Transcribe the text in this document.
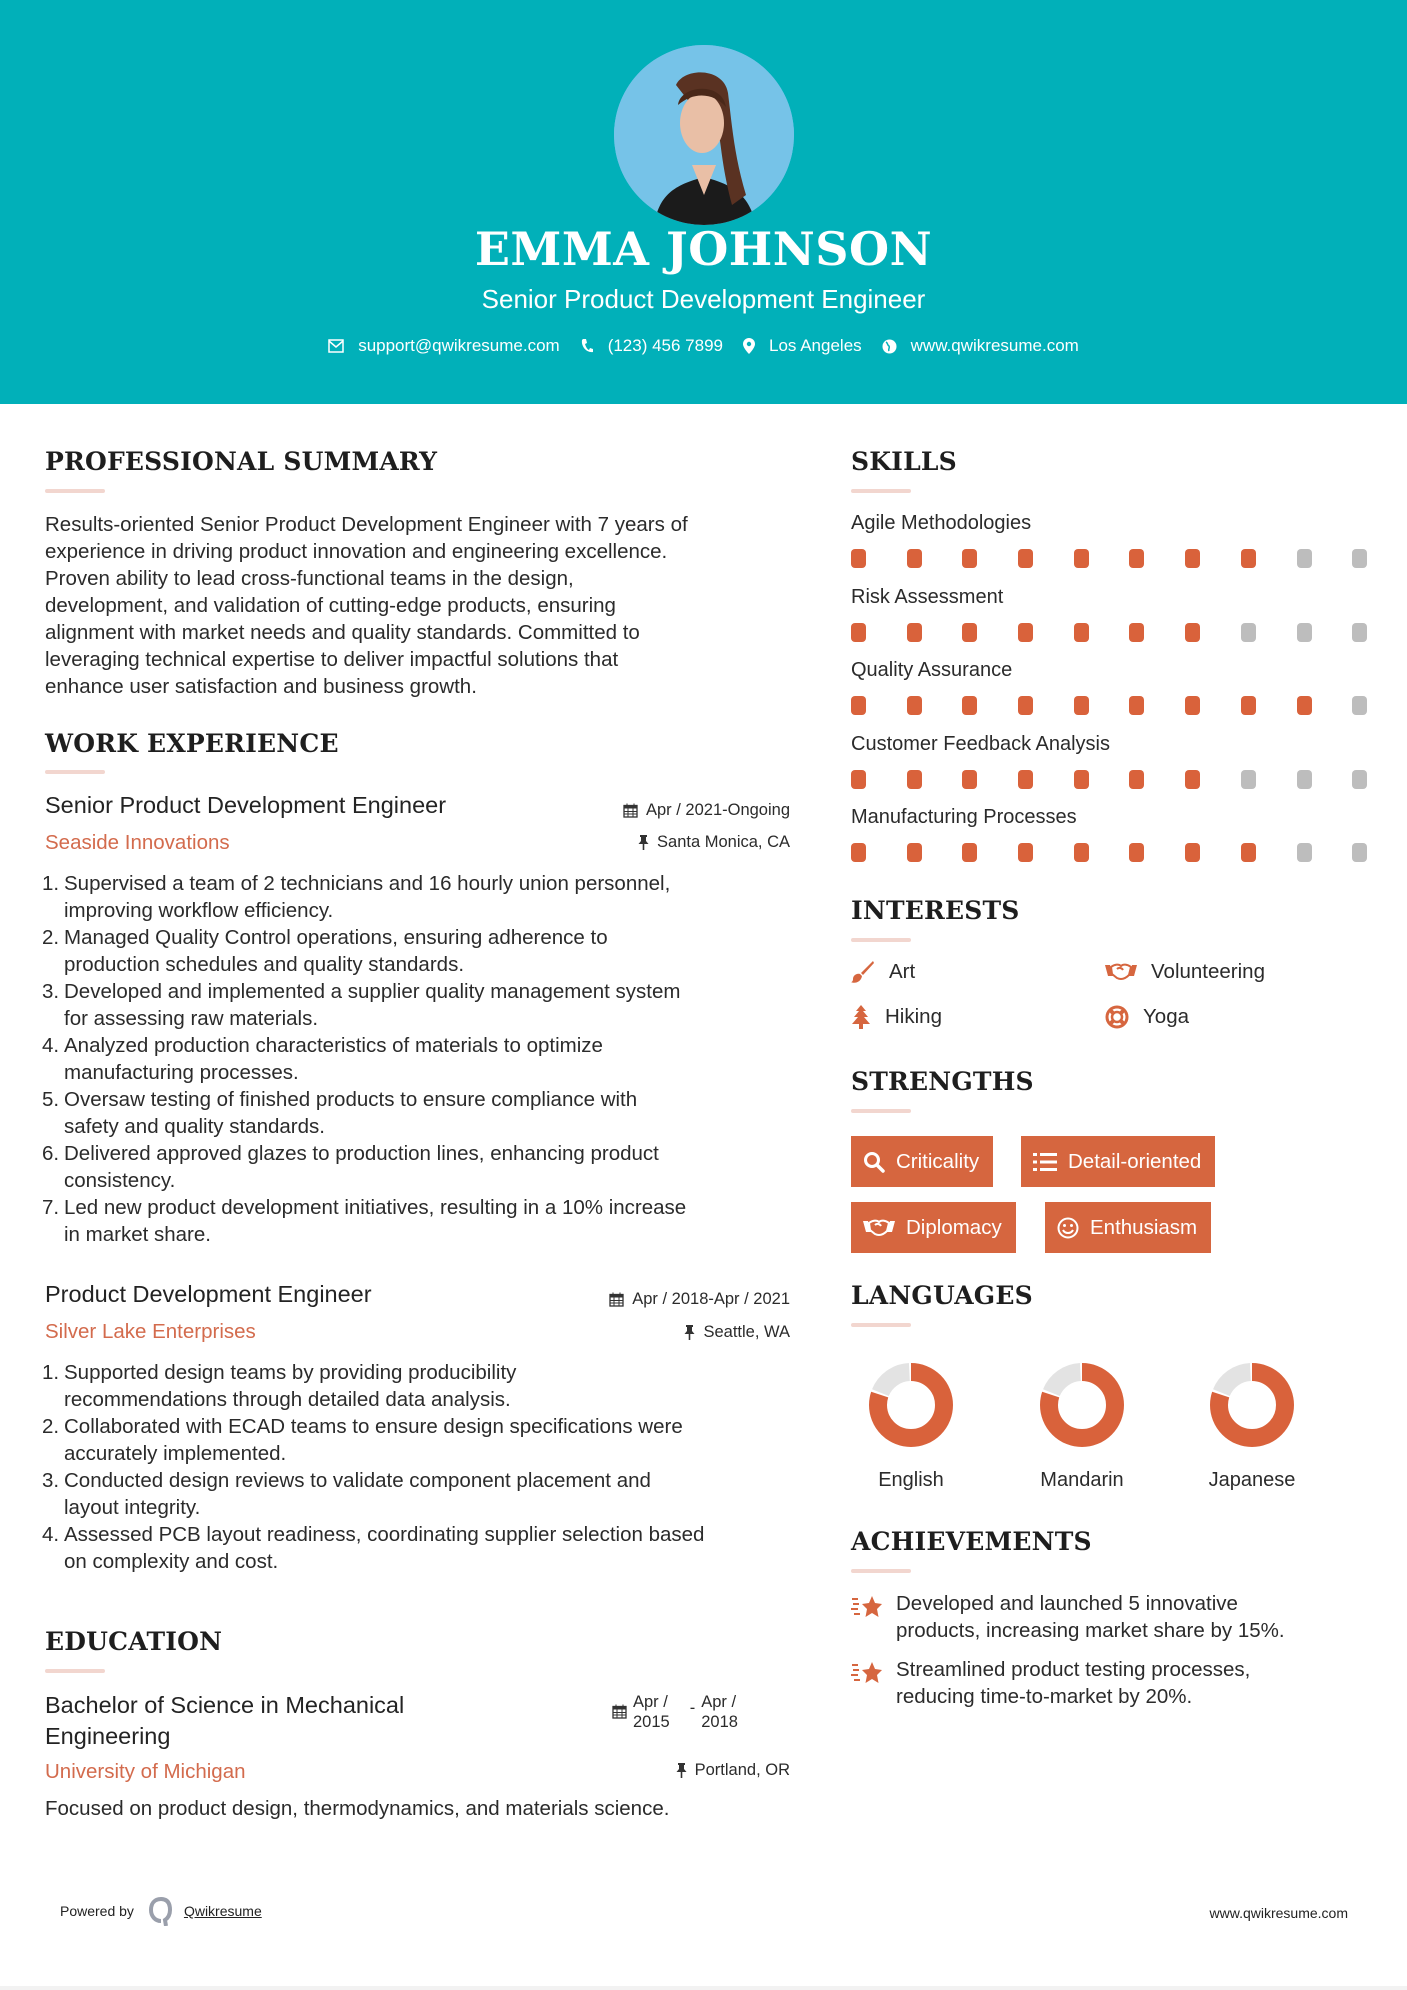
EMMA JOHNSON
Senior Product Development Engineer
support@qwikresume.com	(123) 456 7899	Los Angeles	www.qwikresume.com
PROFESSIONAL SUMMARY
Results-oriented Senior Product Development Engineer with 7 years of
experience in driving product innovation and engineering excellence.
Proven ability to lead cross-functional teams in the design,
development, and validation of cutting-edge products, ensuring
alignment with market needs and quality standards. Committed to
leveraging technical expertise to deliver impactful solutions that
enhance user satisfaction and business growth.
WORK EXPERIENCE
Senior Product Development Engineer	Apr / 2021-Ongoing
Seaside Innovations	Santa Monica, CA
1. Supervised a team of 2 technicians and 16 hourly union personnel,
improving workflow efficiency.
2. Managed Quality Control operations, ensuring adherence to
production schedules and quality standards.
3. Developed and implemented a supplier quality management system
for assessing raw materials.
4. Analyzed production characteristics of materials to optimize
manufacturing processes.
5. Oversaw testing of finished products to ensure compliance with
safety and quality standards.
6. Delivered approved glazes to production lines, enhancing product
consistency.
7. Led new product development initiatives, resulting in a 10% increase
in market share.
Product Development Engineer	Apr / 2018-Apr / 2021
Silver Lake Enterprises	Seattle, WA
1. Supported design teams by providing producibility
recommendations through detailed data analysis.
2. Collaborated with ECAD teams to ensure design specifications were
accurately implemented.
3. Conducted design reviews to validate component placement and
layout integrity.
4. Assessed PCB layout readiness, coordinating supplier selection based
on complexity and cost.
EDUCATION
Bachelor of Science in Mechanical
Engineering
Apr /
2015
- Apr /
2018
University of Michigan	Portland, OR
Focused on product design, thermodynamics, and materials science.
SKILLS
Agile Methodologies
Risk Assessment
Quality Assurance
Customer Feedback Analysis
Manufacturing Processes
INTERESTS
Art	Volunteering
Hiking	Yoga
STRENGTHS
Criticality	Detail-oriented
Diplomacy	Enthusiasm
LANGUAGES
English	Mandarin	Japanese
ACHIEVEMENTS
Developed and launched 5 innovative
products, increasing market share by 15%.
Streamlined product testing processes,
reducing time-to-market by 20%.
Powered by	Qwikresume	www.qwikresume.com
